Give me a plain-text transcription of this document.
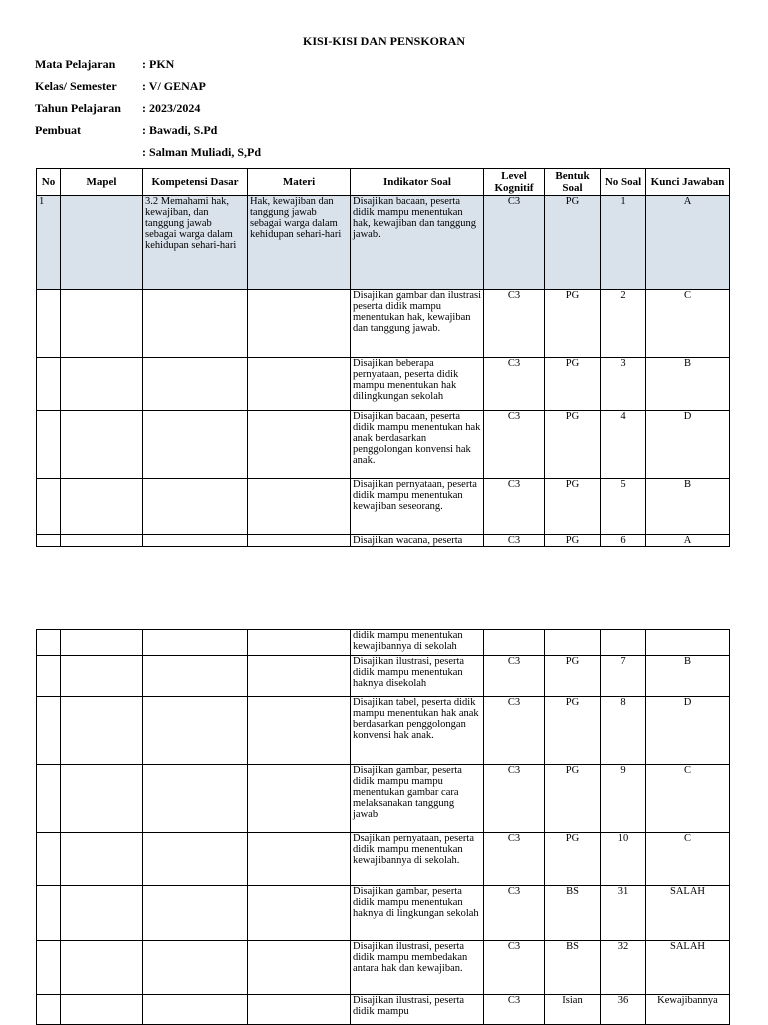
KISI-KISI DAN PENSKORAN
Mata Pelajaran	: PKN
Kelas/ Semester	: V/ GENAP
Tahun Pelajaran	: 2023/2024
Pembuat	: Bawadi, S.Pd
: Salman Muliadi, S,Pd
No	Mapel	Kompetensi Dasar	Materi	Indikator Soal	Level Kognitif	Bentuk Soal	No Soal	Kunci Jawaban
1		3.2 Memahami hak, kewajiban, dan tanggung jawab sebagai warga dalam kehidupan sehari-hari	Hak, kewajiban dan tanggung jawab sebagai warga dalam kehidupan sehari-hari	Disajikan bacaan, peserta didik mampu menentukan hak, kewajiban dan tanggung jawab.	C3	PG	1	A
				Disajikan gambar dan ilustrasi peserta didik mampu menentukan hak, kewajiban dan tanggung jawab.	C3	PG	2	C
				Disajikan beberapa pernyataan, peserta didik mampu menentukan hak dilingkungan sekolah	C3	PG	3	B
				Disajikan bacaan, peserta didik mampu menentukan hak anak berdasarkan penggolongan konvensi hak anak.	C3	PG	4	D
				Disajikan pernyataan, peserta didik mampu menentukan kewajiban seseorang.	C3	PG	5	B
				Disajikan wacana, peserta	C3	PG	6	A
				didik mampu menentukan kewajibannya di sekolah				
				Disajikan ilustrasi, peserta didik mampu menentukan haknya disekolah	C3	PG	7	B
				Disajikan tabel, peserta didik mampu menentukan hak anak berdasarkan penggolongan konvensi hak anak.	C3	PG	8	D
				Disajikan gambar, peserta didik mampu mampu menentukan gambar cara melaksanakan tanggung jawab	C3	PG	9	C
				Dsajikan pernyataan, peserta didik mampu menentukan kewajibannya di sekolah.	C3	PG	10	C
				Disajikan gambar, peserta didik mampu menentukan haknya di lingkungan sekolah	C3	BS	31	SALAH
				Disajikan ilustrasi, peserta didik mampu membedakan antara hak dan kewajiban.	C3	BS	32	SALAH
				Disajikan ilustrasi, peserta didik mampu	C3	Isian	36	Kewajibannya
